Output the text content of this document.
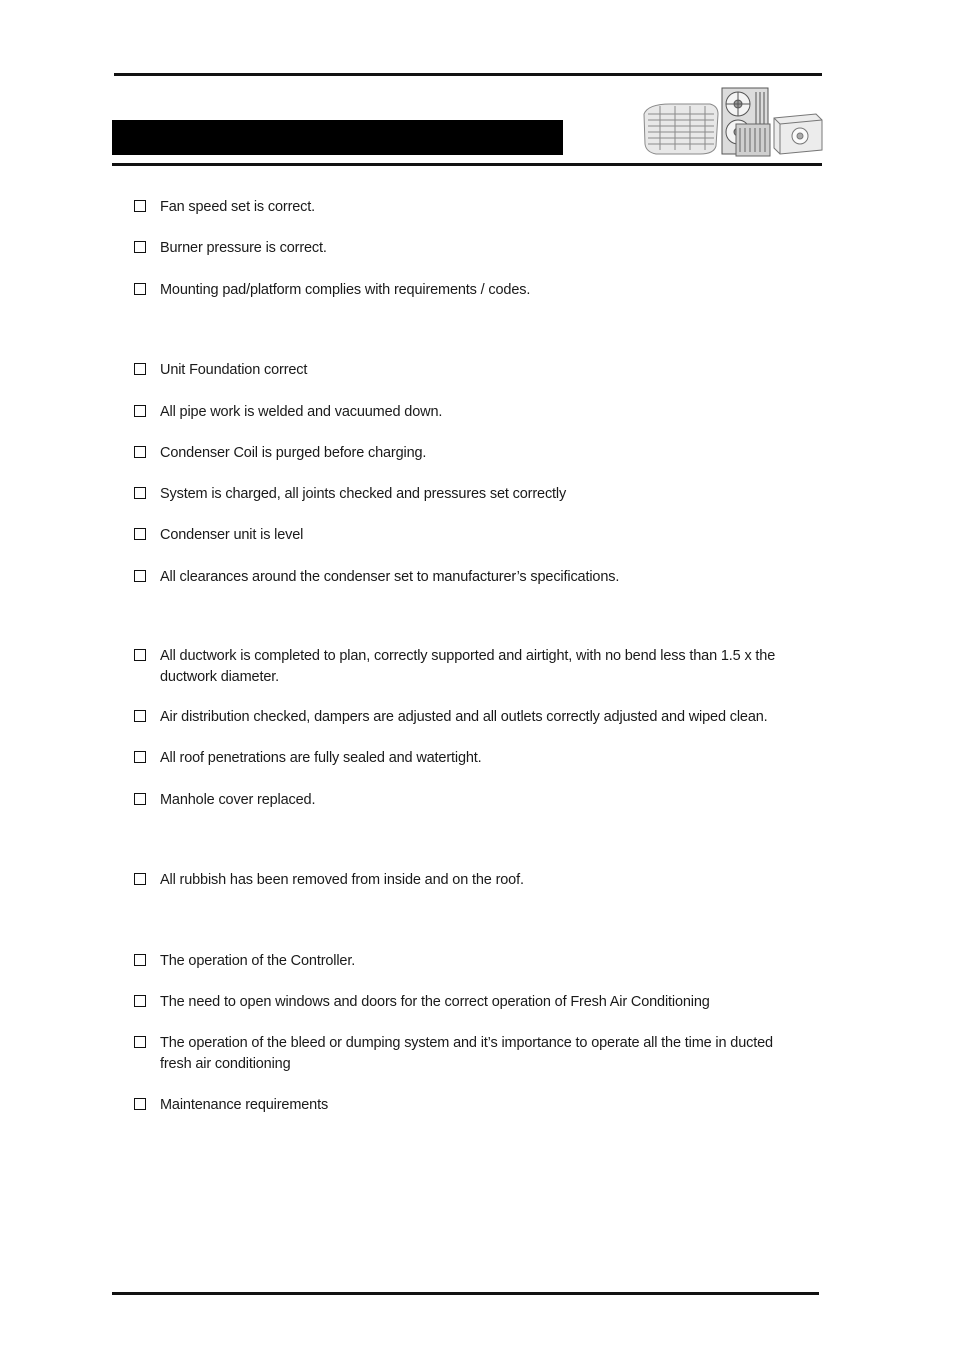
Fan speed set is correct.
Burner pressure is correct.
Mounting pad/platform complies with requirements / codes.
Unit Foundation correct
All pipe work is welded and vacuumed down.
Condenser Coil is purged before charging.
System is charged, all joints checked and pressures set correctly
Condenser unit is level
All clearances around the condenser set to manufacturer’s specifications.
All ductwork is completed to plan, correctly supported and airtight, with no bend less than 1.5 x the ductwork diameter.
Air distribution checked, dampers are adjusted and all outlets correctly adjusted and wiped clean.
All roof penetrations are fully sealed and watertight.
Manhole cover replaced.
All rubbish has been removed from inside and on the roof.
The operation of the Controller.
The need to open windows and doors for the correct operation of Fresh Air Conditioning
The operation of the bleed or dumping system and it’s importance to operate all the time in ducted fresh air conditioning
Maintenance requirements
